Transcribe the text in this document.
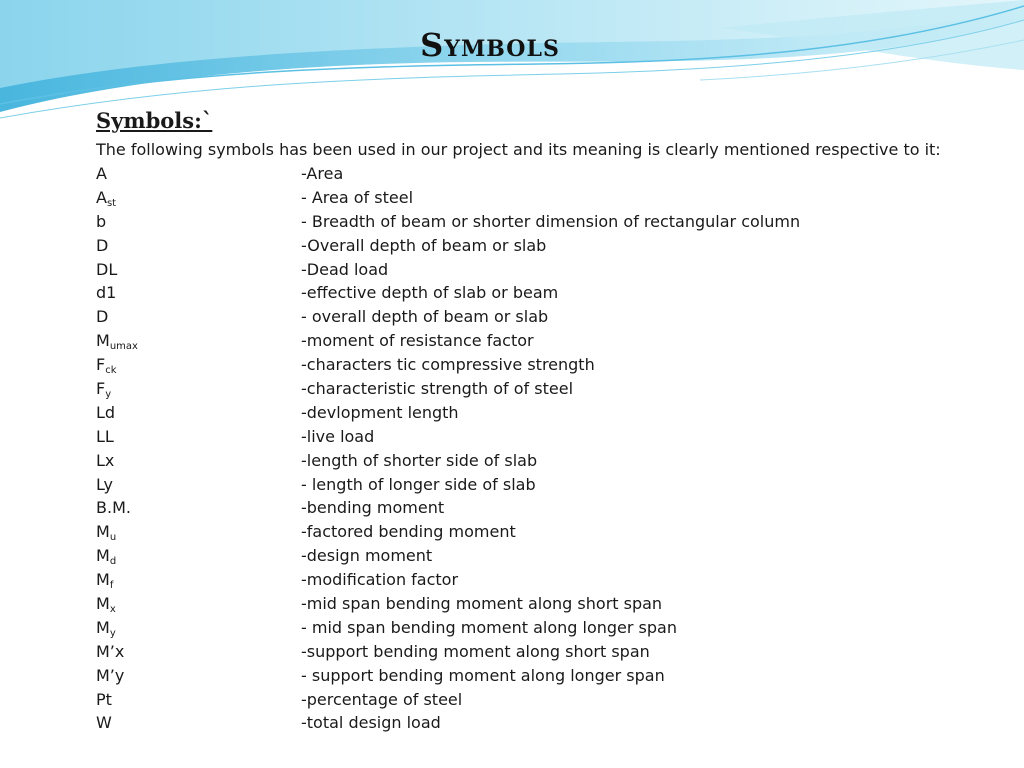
Symbols

Symbols:`

The following symbols has been used in our project and its meaning is clearly mentioned respective to it:

A	-Area
$A_{st}$	- Area of steel
b	- Breadth of beam or shorter dimension of rectangular column
D	-Overall depth of beam or slab
DL	-Dead load
d1	-effective depth of slab or beam
D	- overall depth of beam or slab
$M_{umax}$	-moment of resistance factor
$F_{ck}$	-characters tic compressive strength
$F_y$	-characteristic strength of of steel
Ld	-devlopment length
LL	-live load
Lx	-length of shorter side of slab
Ly	- length of longer side of slab
B.M.	-bending moment
$M_u$	-factored bending moment
$M_d$	-design moment
$M_f$	-modification factor
$M_x$	-mid span bending moment along short span
$M_y$	- mid span bending moment along longer span
M’x	-support bending moment along short span
M’y	- support bending moment along longer span
Pt	-percentage of steel
W	-total design load
